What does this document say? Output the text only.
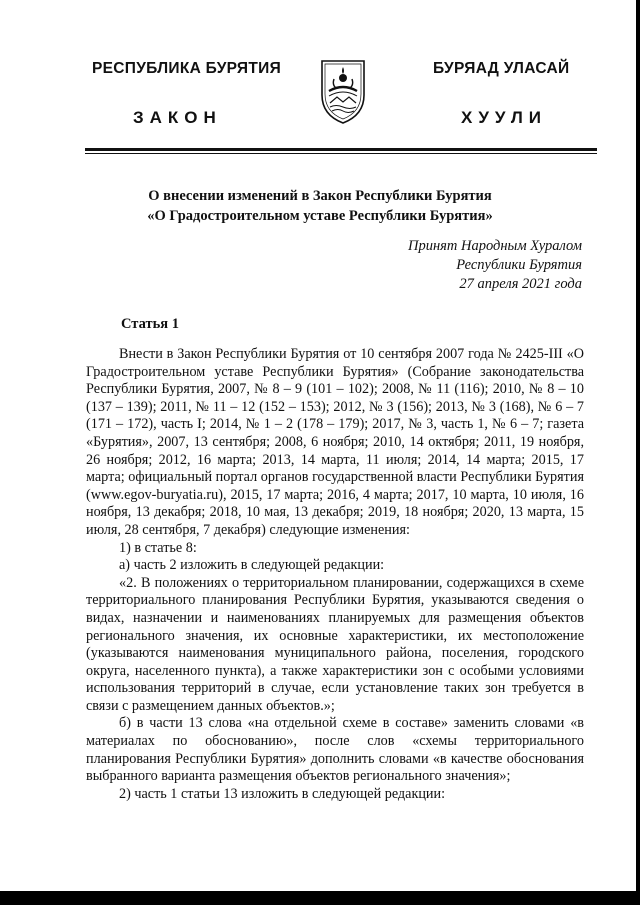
РЕСПУБЛИКА БУРЯТИЯ	БУРЯАД УЛАСАЙ
ЗАКОН	ХУУЛИ
О внесении изменений в Закон Республики Бурятия
«О Градостроительном уставе Республики Бурятия»
Принят Народным Хуралом
Республики Бурятия
27 апреля 2021 года
Статья 1

Внести в Закон Республики Бурятия от 10 сентября 2007 года № 2425-III «О Градостроительном уставе Республики Бурятия» (Собрание законодательства Республики Бурятия, 2007, № 8 – 9 (101 – 102); 2008, № 11 (116); 2010, № 8 – 10 (137 – 139); 2011, № 11 – 12 (152 – 153); 2012, № 3 (156); 2013, № 3 (168), № 6 – 7 (171 – 172), часть I; 2014, № 1 – 2 (178 – 179); 2017, № 3, часть 1, № 6 – 7; газета «Бурятия», 2007, 13 сентября; 2008, 6 ноября; 2010, 14 октября; 2011, 19 ноября, 26 ноября; 2012, 16 марта; 2013, 14 марта, 11 июля; 2014, 14 марта; 2015, 17 марта; официальный портал органов государственной власти Республики Бурятия (www.egov-buryatia.ru), 2015, 17 марта; 2016, 4 марта; 2017, 10 марта, 10 июля, 16 ноября, 13 декабря; 2018, 10 мая, 13 декабря; 2019, 18 ноября; 2020, 13 марта, 15 июля, 28 сентября, 7 декабря) следующие изменения:

1) в статье 8:

а) часть 2 изложить в следующей редакции:

«2. В положениях о территориальном планировании, содержащихся в схеме территориального планирования Республики Бурятия, указываются сведения о видах, назначении и наименованиях планируемых для размещения объектов регионального значения, их основные характеристики, их местоположение (указываются наименования муниципального района, поселения, городского округа, населенного пункта), а также характеристики зон с особыми условиями использования территорий в случае, если установление таких зон требуется в связи с размещением данных объектов.»;

б) в части 13 слова «на отдельной схеме в составе» заменить словами «в материалах по обоснованию», после слов «схемы территориального планирования Республики Бурятия» дополнить словами «в качестве обоснования выбранного варианта размещения объектов регионального значения»;

2) часть 1 статьи 13 изложить в следующей редакции:
